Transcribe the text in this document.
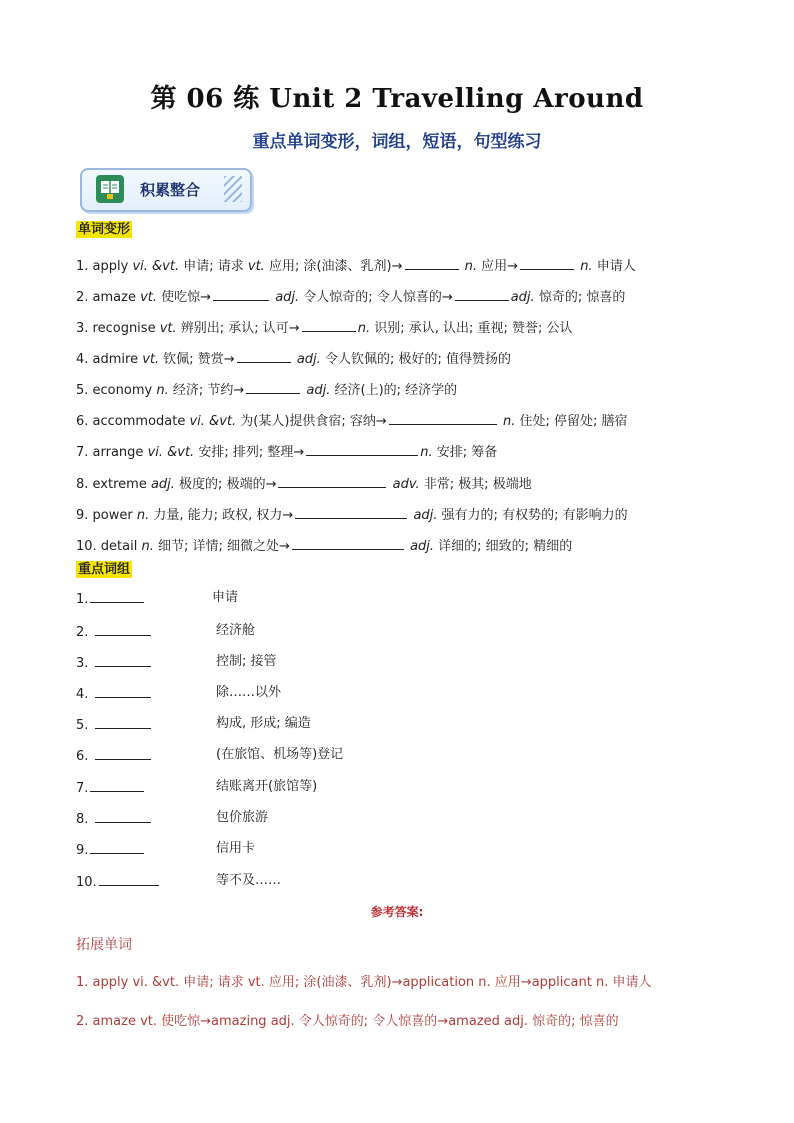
第 06 练 Unit 2 Travelling Around
重点单词变形，词组，短语，句型练习
积累整合
单词变形
1. apply vi. &vt. 申请; 请求 vt. 应用; 涂(油漆、乳剂)→	n. 应用→	n. 申请人
2. amaze vt. 使吃惊→	adj. 令人惊奇的; 令人惊喜的→	adj. 惊奇的; 惊喜的
3. recognise vt. 辨别出; 承认; 认可→	n. 识别; 承认, 认出; 重视; 赞誉; 公认
4. admire vt. 钦佩; 赞赏→	adj. 令人钦佩的; 极好的; 值得赞扬的
5. economy n. 经济; 节约→	adj. 经济(上)的; 经济学的
6. accommodate vi. &vt. 为(某人)提供食宿; 容纳→	n. 住处; 停留处; 膳宿
7. arrange vi. &vt. 安排; 排列; 整理→	n. 安排; 筹备
8. extreme adj. 极度的; 极端的→	adv. 非常; 极其; 极端地
9. power n. 力量, 能力; 政权, 权力→	adj. 强有力的; 有权势的; 有影响力的
10. detail n. 细节; 详情; 细微之处→	adj. 详细的; 细致的; 精细的
重点词组
1.	申请
2.	经济舱
3.	控制; 接管
4.	除……以外
5.	构成, 形成; 编造
6.	(在旅馆、机场等)登记
7.	结账离开(旅馆等)
8.	包价旅游
9.	信用卡
10.	等不及……
参考答案:
拓展单词
1. apply vi. &vt. 申请; 请求 vt. 应用; 涂(油漆、乳剂)→application n. 应用→applicant n. 申请人
2. amaze vt. 使吃惊→amazing adj. 令人惊奇的; 令人惊喜的→amazed adj. 惊奇的; 惊喜的
